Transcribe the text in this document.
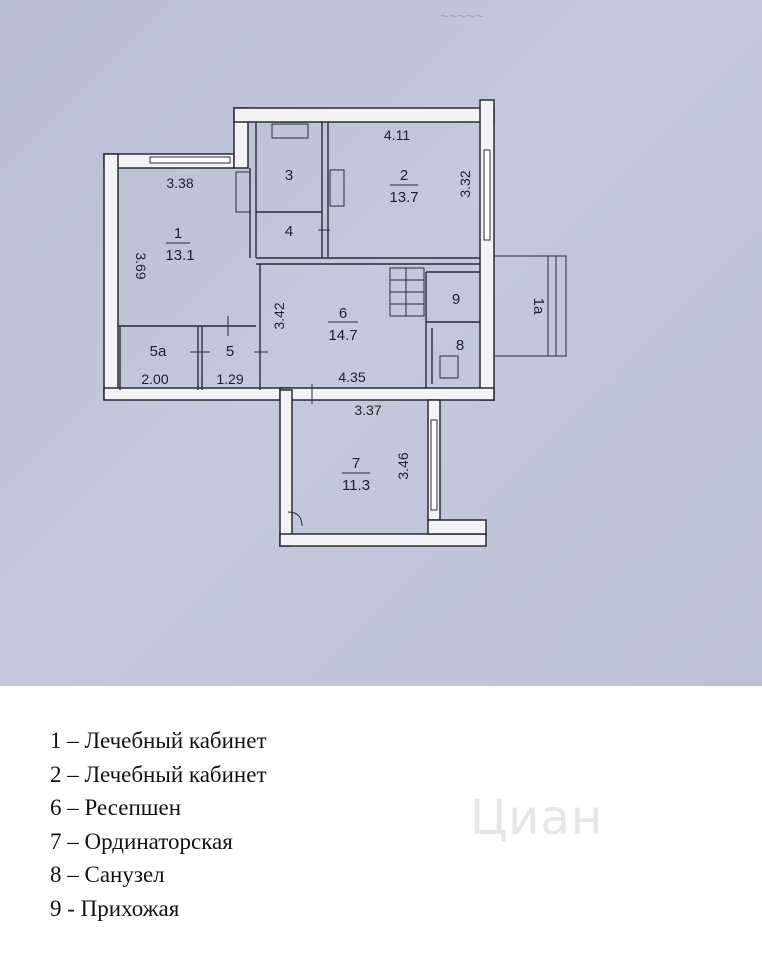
~~~~~
1
2
3
4
5
5a
6
7
8
9	1a
13.1
13.7
14.7
11.3
3.38
3.69
4.11
3.32
3.42
4.35
2.00	1.29
3.37
3.46
1 – Лечебный кабинет
2 – Лечебный кабинет
6 – Ресепшен
7 – Ординаторская
8 – Санузел
9 - Прихожая
Циан
